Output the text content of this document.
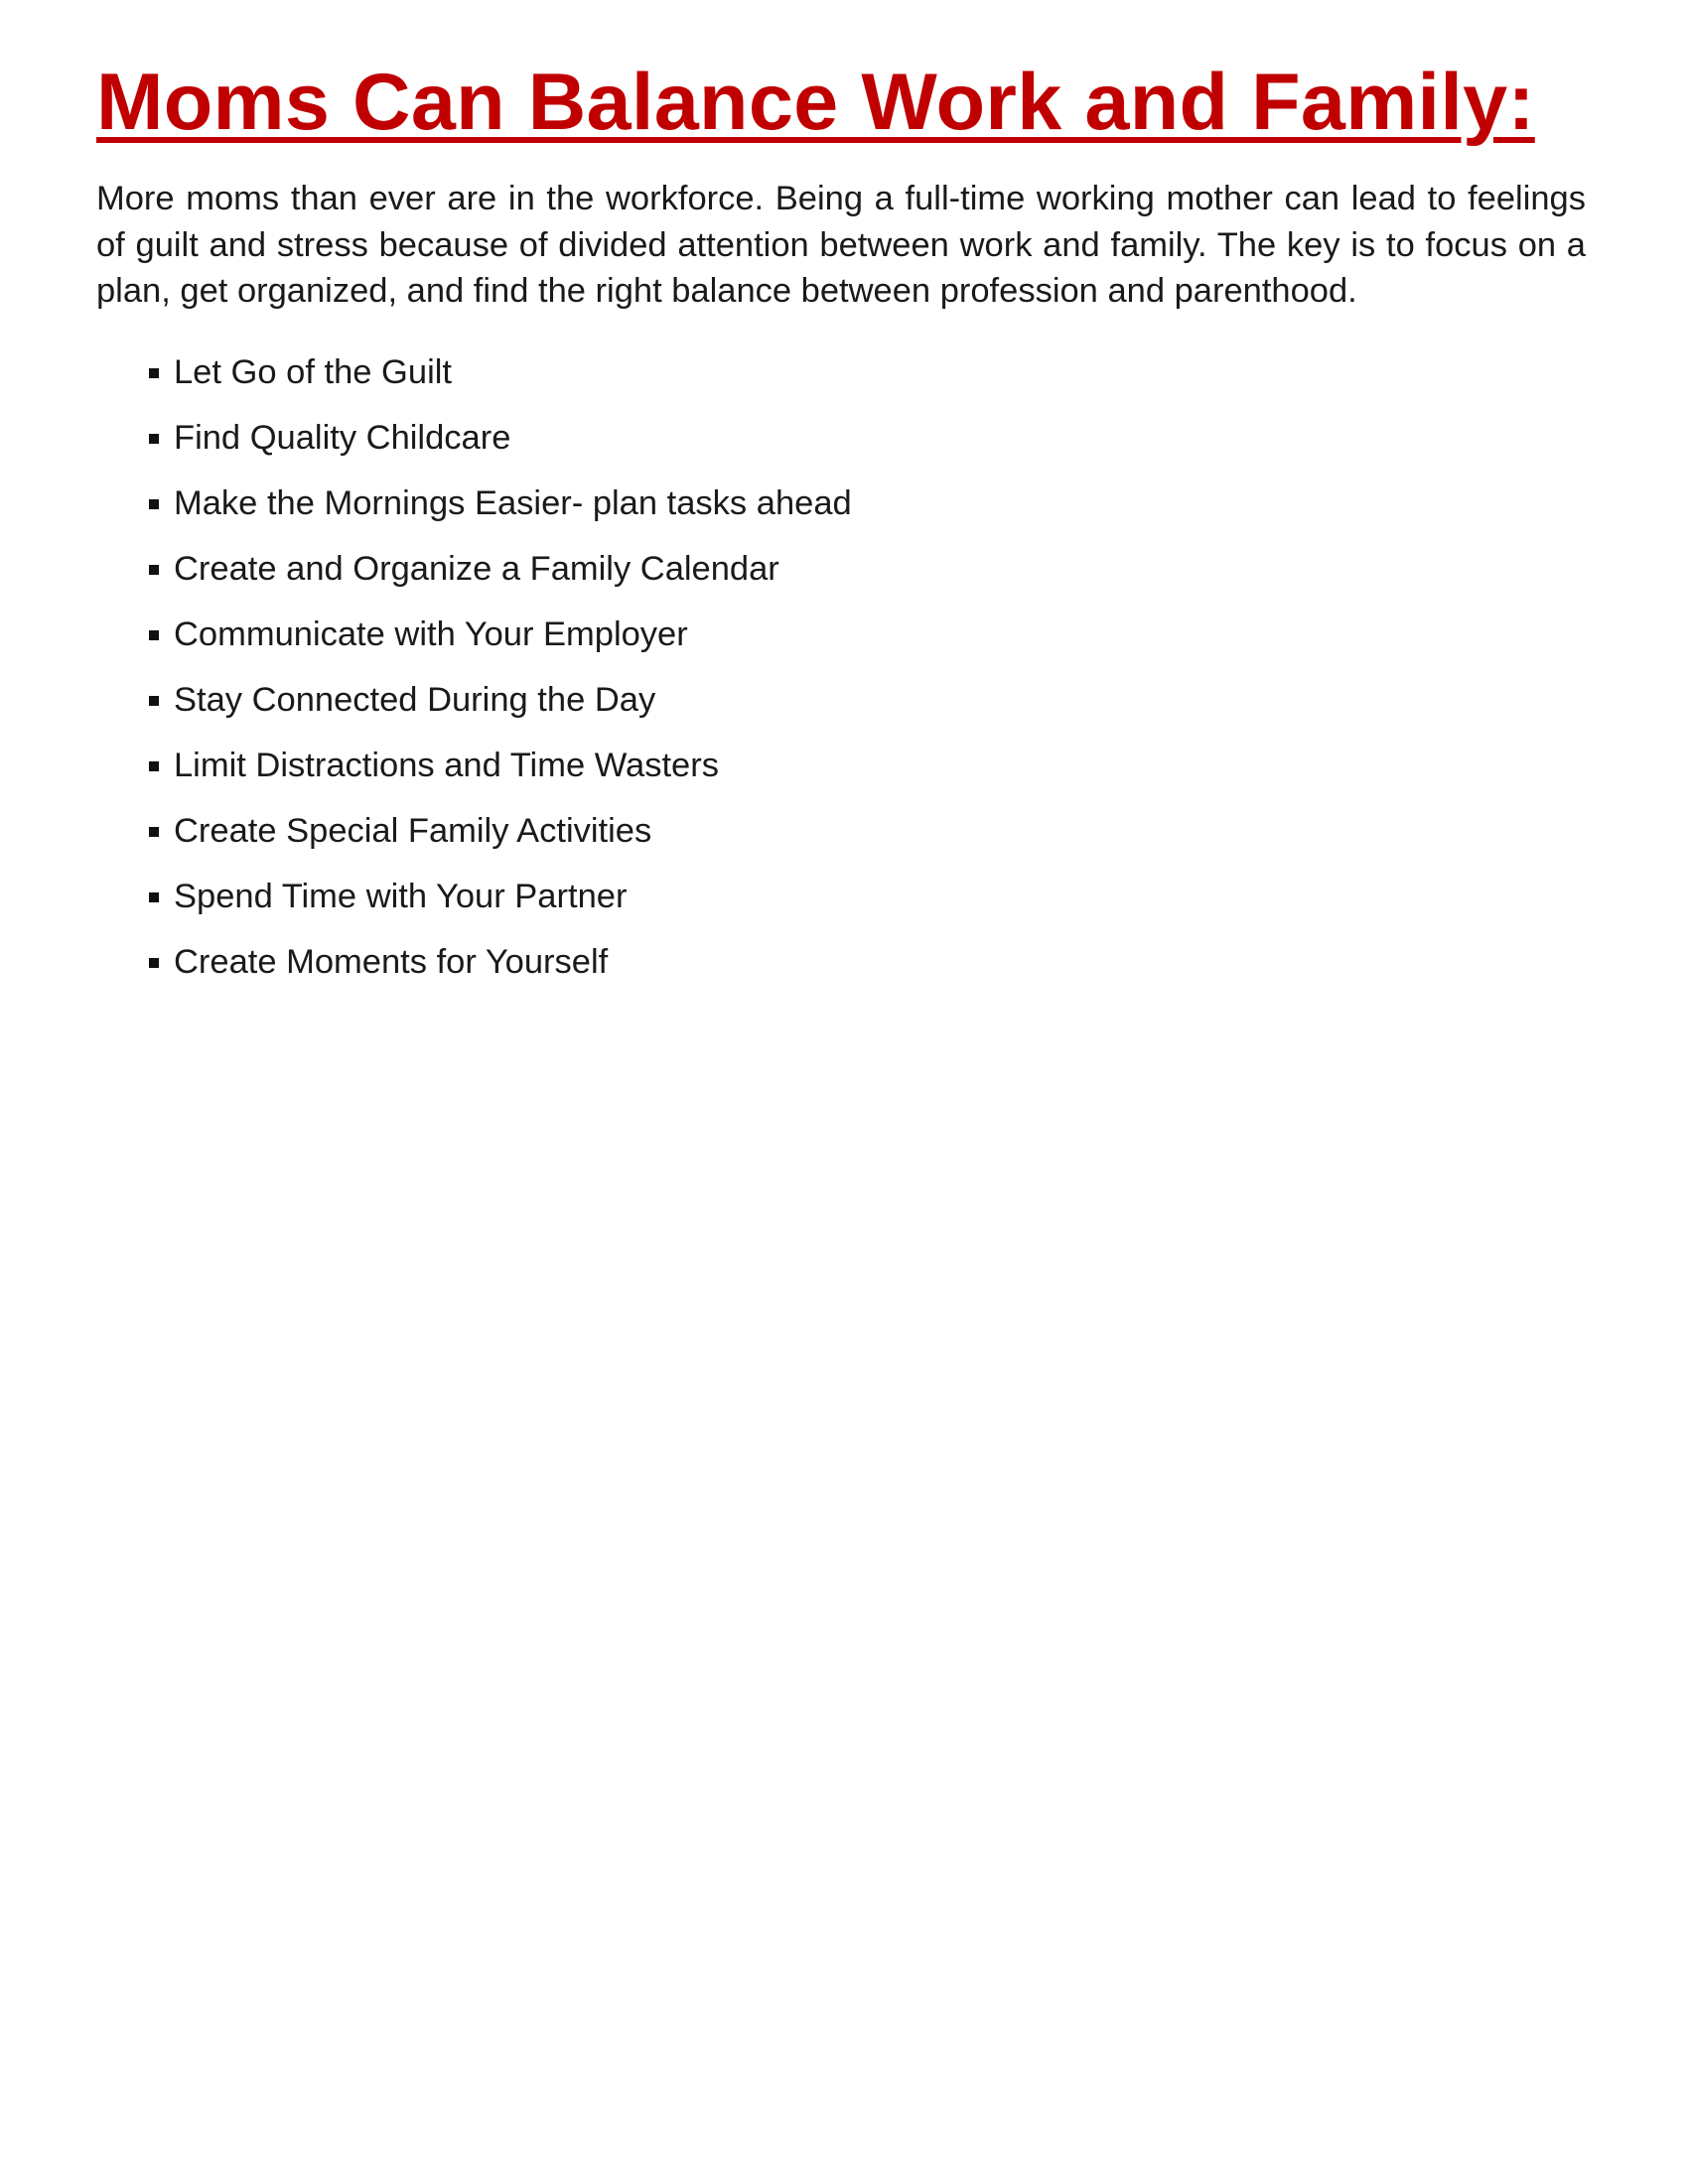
Moms Can Balance Work and Family:

More moms than ever are in the workforce. Being a full-time working mother can lead to feelings of guilt and stress because of divided attention between work and family. The key is to focus on a plan, get organized, and find the right balance between profession and parenthood.

Let Go of the Guilt
Find Quality Childcare
Make the Mornings Easier- plan tasks ahead
Create and Organize a Family Calendar
Communicate with Your Employer
Stay Connected During the Day
Limit Distractions and Time Wasters
Create Special Family Activities
Spend Time with Your Partner
Create Moments for Yourself
